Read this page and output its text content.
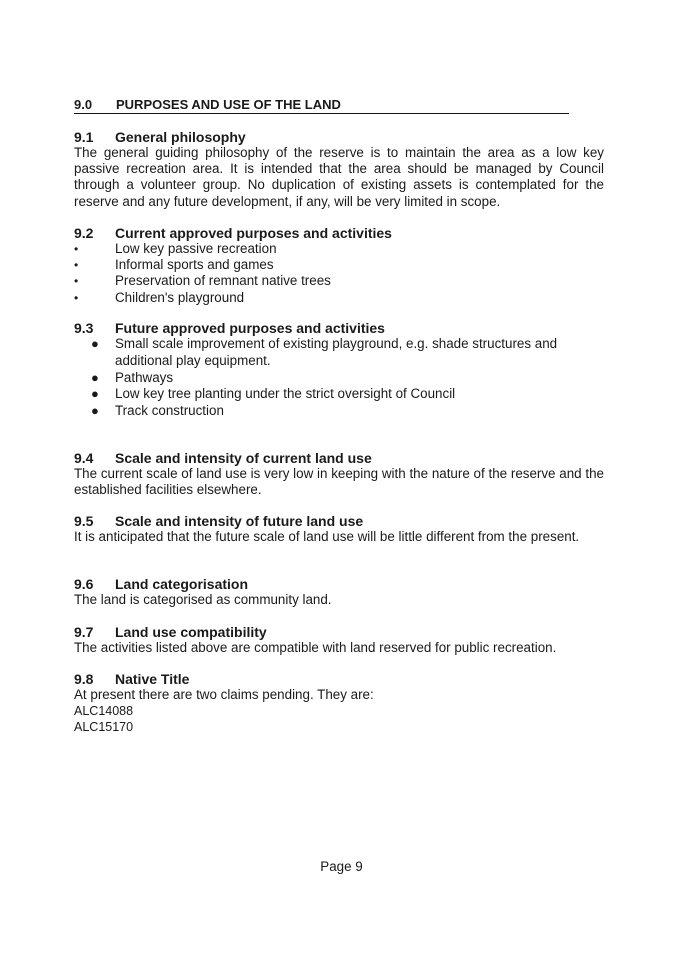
9.0 PURPOSES AND USE OF THE LAND

9.1 General philosophy

The general guiding philosophy of the reserve is to maintain the area as a low key passive recreation area. It is intended that the area should be managed by Council through a volunteer group. No duplication of existing assets is contemplated for the reserve and any future development, if any, will be very limited in scope.

9.2 Current approved purposes and activities

•	Low key passive recreation
•	Informal sports and games
•	Preservation of remnant native trees
•	Children's playground

9.3 Future approved purposes and activities

● Small scale improvement of existing playground, e.g. shade structures and additional play equipment.
● Pathways
● Low key tree planting under the strict oversight of Council
● Track construction

9.4 Scale and intensity of current land use

The current scale of land use is very low in keeping with the nature of the reserve and the established facilities elsewhere.

9.5 Scale and intensity of future land use

It is anticipated that the future scale of land use will be little different from the present.

9.6 Land categorisation

The land is categorised as community land.

9.7 Land use compatibility

The activities listed above are compatible with land reserved for public recreation.

9.8 Native Title

At present there are two claims pending. They are:

ALC14088

ALC15170

Page 9
